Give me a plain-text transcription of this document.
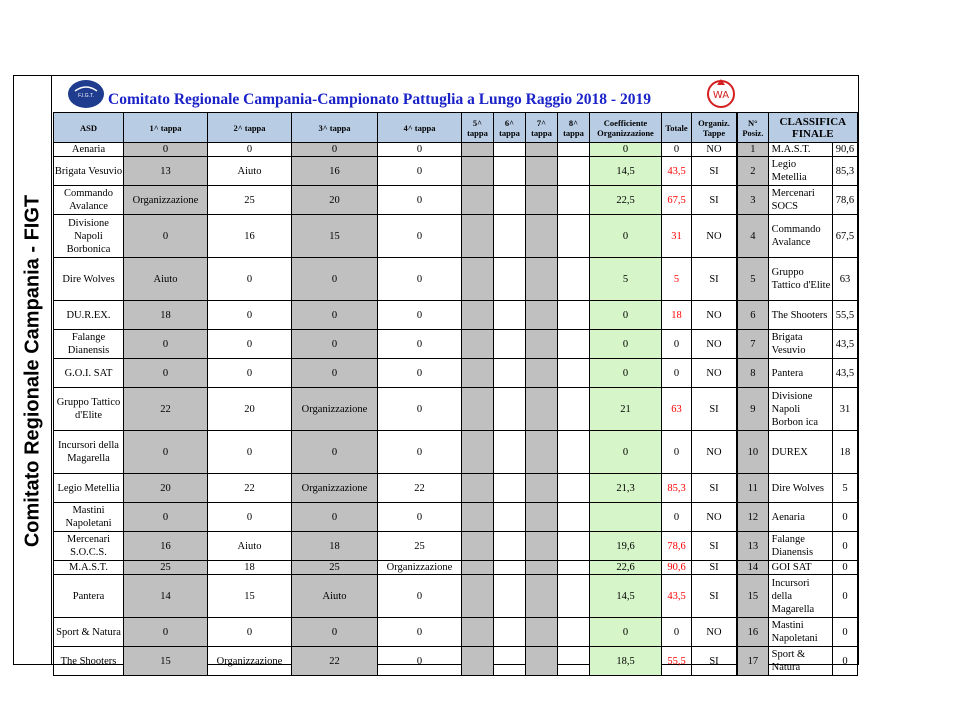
Comitato Regionale Campania - FIGT
F.I.G.T. Comitato Regionale Campania-Campionato Pattuglia a Lungo Raggio 2018 - 2019	WA
ASD	1^ tappa	2^ tappa	3^ tappa	4^ tappa	5^ tappa	6^ tappa	7^ tappa	8^ tappa	Coefficiente Organizzazione	Totale	Organiz. Tappe
Aenaria	0	0	0	0					0	0	NO
Brigata Vesuvio	13	Aiuto	16	0					14,5	43,5	SI
Commando Avalance	Organizzazione	25	20	0					22,5	67,5	SI
Divisione Napoli Borbonica	0	16	15	0					0	31	NO
Dire Wolves	Aiuto	0	0	0					5	5	SI
DU.R.EX.	18	0	0	0					0	18	NO
Falange Dianensis	0	0	0	0					0	0	NO
G.O.I. SAT	0	0	0	0					0	0	NO
Gruppo Tattico d'Elite	22	20	Organizzazione	0					21	63	SI
Incursori della Magarella	0	0	0	0					0	0	NO
Legio Metellia	20	22	Organizzazione	22					21,3	85,3	SI
Mastini Napoletani	0	0	0	0						0	NO
Mercenari S.O.C.S.	16	Aiuto	18	25					19,6	78,6	SI
M.A.S.T.	25	18	25	Organizzazione					22,6	90,6	SI
Pantera	14	15	Aiuto	0					14,5	43,5	SI
Sport & Natura	0	0	0	0					0	0	NO
The Shooters	15	Organizzazione	22	0					18,5	55,5	SI
N° Posiz.	CLASSIFICA FINALE	
1	M.A.S.T.	90,6
2	Legio Metellia	85,3
3	Mercenari SOCS	78,6
4	Commando Avalance	67,5
5	Gruppo Tattico d'Elite	63
6	The Shooters	55,5
7	Brigata Vesuvio	43,5
8	Pantera	43,5
9	Divisione Napoli Borbon ica	31
10	DUREX	18
11	Dire Wolves	5
12	Aenaria	0
13	Falange Dianensis	0
14	GOI SAT	0
15	Incursori della Magarella	0
16	Mastini Napoletani	0
17	Sport & Natura	0
